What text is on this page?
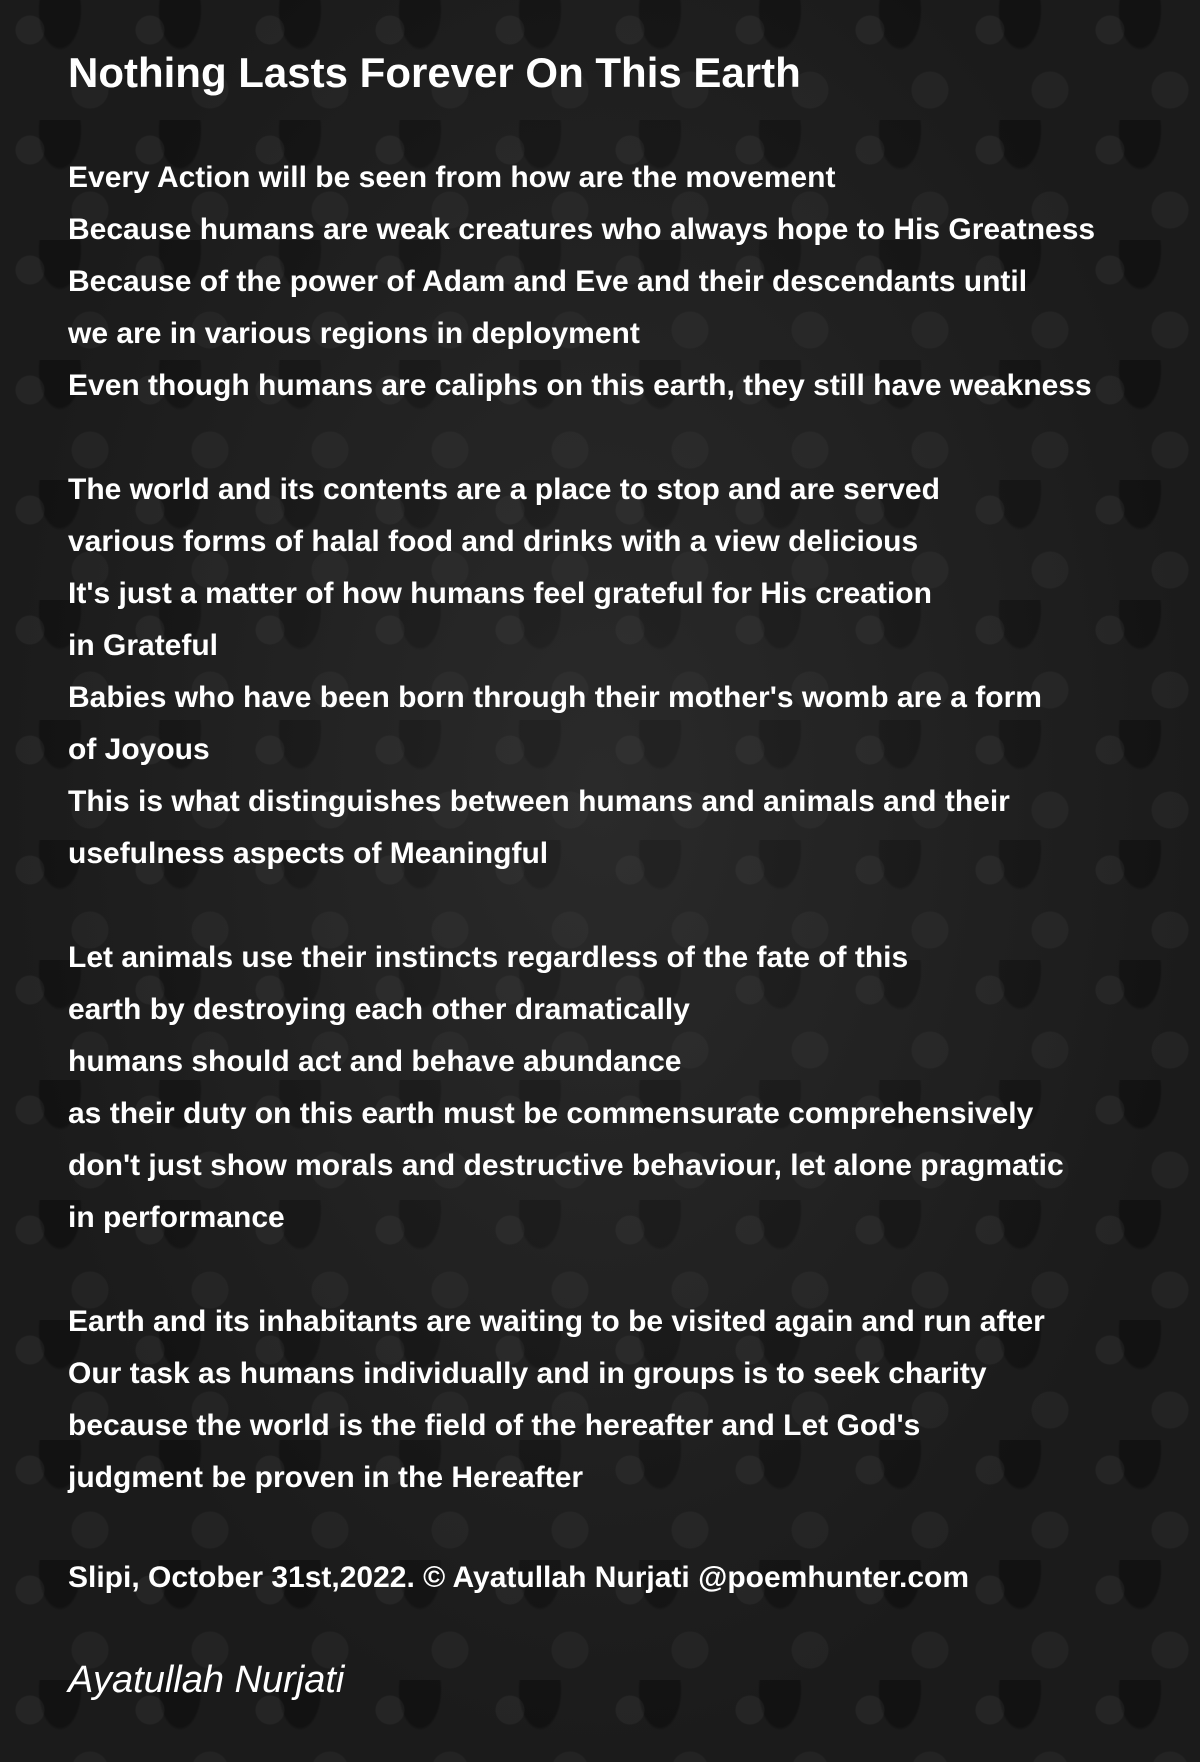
Nothing Lasts Forever On This Earth
Every Action will be seen from how are the movement
Because humans are weak creatures who always hope to His Greatness
Because of the power of Adam and Eve and their descendants until
we are in various regions in deployment
Even though humans are caliphs on this earth, they still have weakness
The world and its contents are a place to stop and are served
various forms of halal food and drinks with a view delicious
It's just a matter of how humans feel grateful for His creation
in Grateful
Babies who have been born through their mother's womb are a form
of Joyous
This is what distinguishes between humans and animals and their
usefulness aspects of Meaningful
Let animals use their instincts regardless of the fate of this
earth by destroying each other dramatically
humans should act and behave abundance
as their duty on this earth must be commensurate comprehensively
don't just show morals and destructive behaviour, let alone pragmatic
in performance
Earth and its inhabitants are waiting to be visited again and run after
Our task as humans individually and in groups is to seek charity
because the world is the field of the hereafter and Let God's
judgment be proven in the Hereafter
Slipi, October 31st,2022. © Ayatullah Nurjati @poemhunter.com
Ayatullah Nurjati
